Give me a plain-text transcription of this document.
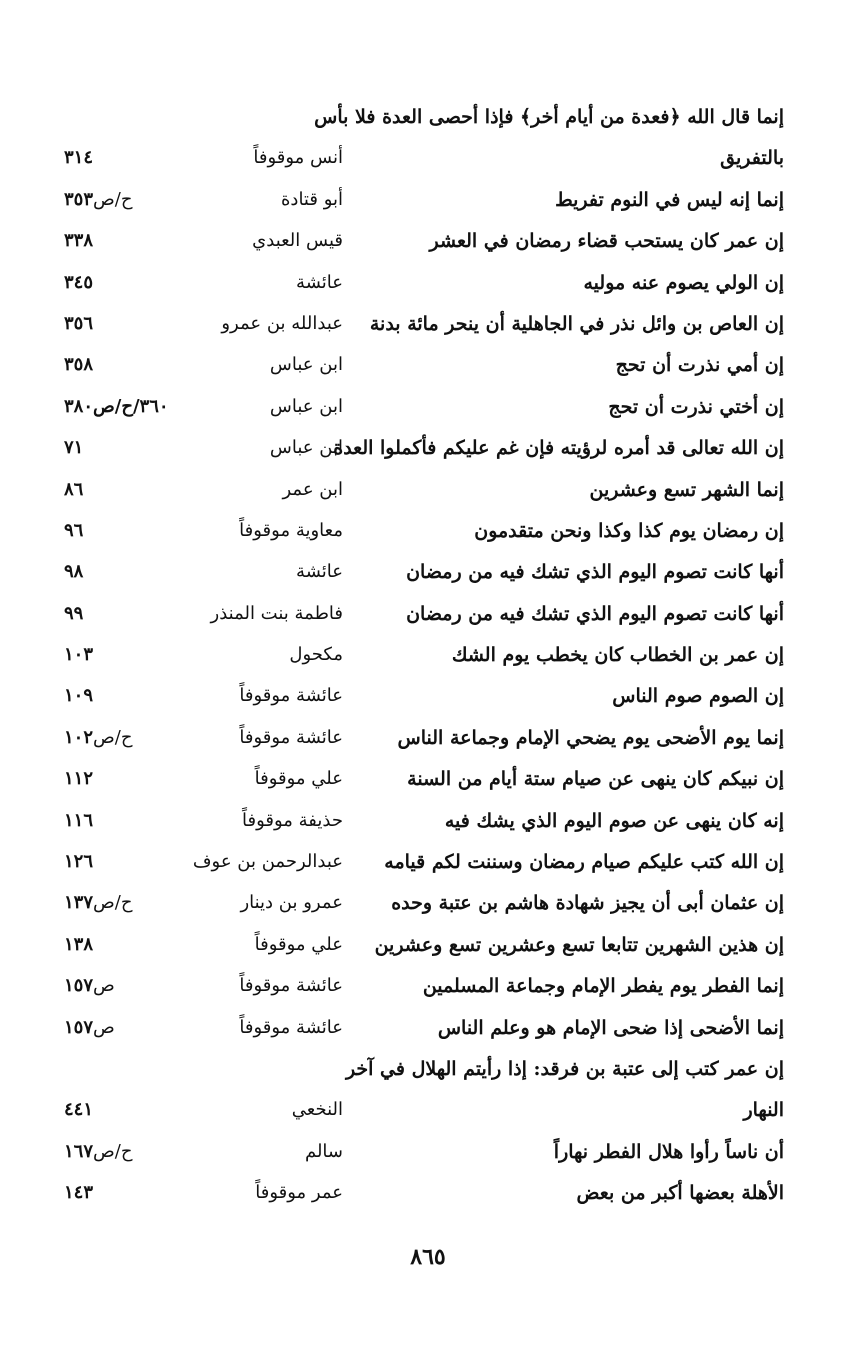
إنما قال الله ﴿فعدة من أيام أخر﴾ فإذا أحصى العدة فلا بأس
بالتفريق
أنس موقوفاً
٣١٤
إنما إنه ليس في النوم تفريط
أبو قتادة
ح/ص٣٥٣
إن عمر كان يستحب قضاء رمضان في العشر
قيس العبدي
٣٣٨
إن الولي يصوم عنه موليه
عائشة
٣٤٥
إن العاص بن وائل نذر في الجاهلية أن ينحر مائة بدنة
عبدالله بن عمرو
٣٥٦
إن أمي نذرت أن تحج
ابن عباس
٣٥٨
إن أختي نذرت أن تحج
ابن عباس
٣٦٠/ح/ص٣٨٠
إن الله تعالى قد أمره لرؤيته فإن غم عليكم فأكملوا العدة
ابن عباس
٧١
إنما الشهر تسع وعشرين
ابن عمر
٨٦
إن رمضان يوم كذا وكذا ونحن متقدمون
معاوية موقوفاً
٩٦
أنها كانت تصوم اليوم الذي تشك فيه من رمضان
عائشة
٩٨
أنها كانت تصوم اليوم الذي تشك فيه من رمضان
فاطمة بنت المنذر
٩٩
إن عمر بن الخطاب كان يخطب يوم الشك
مكحول
١٠٣
إن الصوم صوم الناس
عائشة موقوفاً
١٠٩
إنما يوم الأضحى يوم يضحي الإمام وجماعة الناس
عائشة موقوفاً
ح/ص١٠٢
إن نبيكم كان ينهى عن صيام ستة أيام من السنة
علي موقوفاً
١١٢
إنه كان ينهى عن صوم اليوم الذي يشك فيه
حذيفة موقوفاً
١١٦
إن الله كتب عليكم صيام رمضان وسننت لكم قيامه
عبدالرحمن بن عوف
١٢٦
إن عثمان أبى أن يجيز شهادة هاشم بن عتبة وحده
عمرو بن دينار
ح/ص١٣٧
إن هذين الشهرين تتابعا تسع وعشرين تسع وعشرين
علي موقوفاً
١٣٨
إنما الفطر يوم يفطر الإمام وجماعة المسلمين
عائشة موقوفاً
ص١٥٧
إنما الأضحى إذا ضحى الإمام هو وعلم الناس
عائشة موقوفاً
ص١٥٧
إن عمر كتب إلى عتبة بن فرقد: إذا رأيتم الهلال في آخر
النهار
النخعي
٤٤١
أن ناساً رأوا هلال الفطر نهاراً
سالم
ح/ص١٦٧
الأهلة بعضها أكبر من بعض
عمر موقوفاً
١٤٣
٨٦٥
